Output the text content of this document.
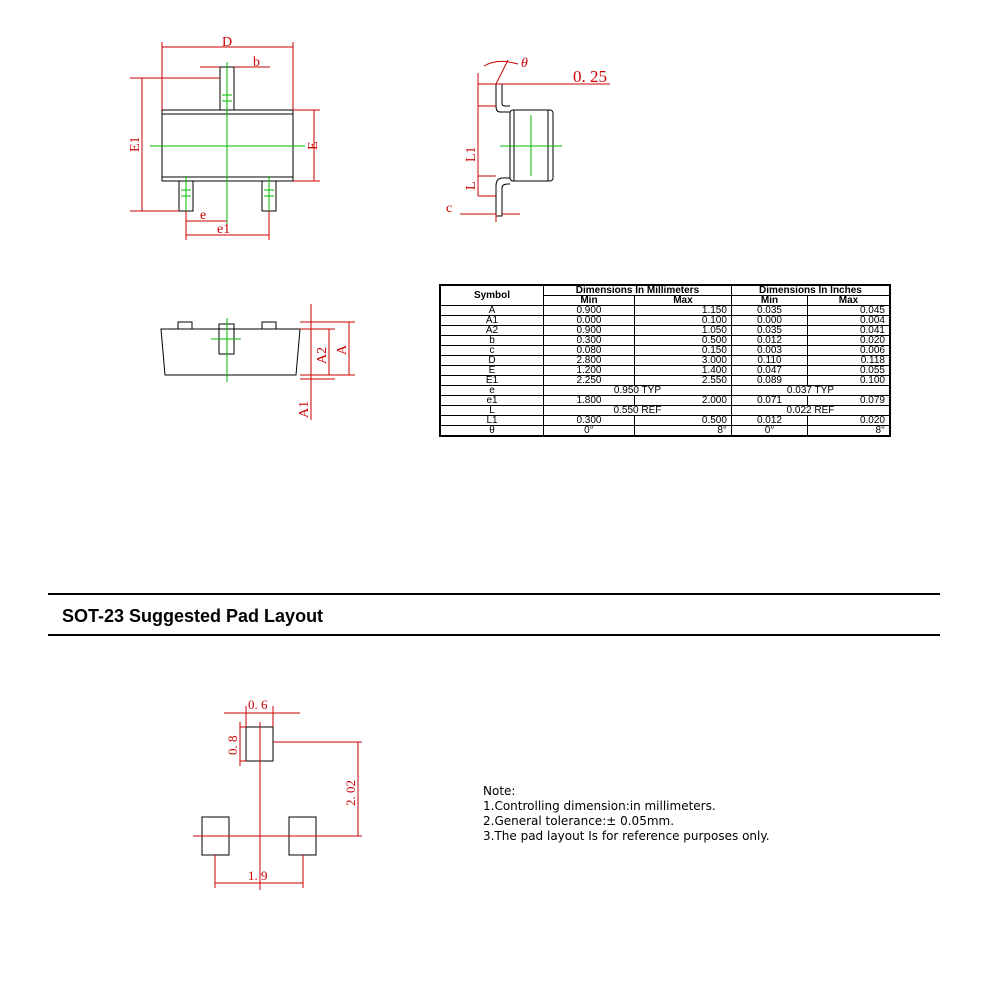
D
b
E1	E
e
e1
θ
0. 25
L1
L
c
A2 A
A1
0. 6
0. 8
2. 02
1. 9
Symbol	Dimensions In Millimeters		Dimensions In Inches	
	Min	Max	Min	Max
A	0.900	1.150	0.035	0.045
A1	0.000	0.100	0.000	0.004
A2	0.900	1.050	0.035	0.041
b	0.300	0.500	0.012	0.020
c	0.080	0.150	0.003	0.006
D	2.800	3.000	0.110	0.118
E	1.200	1.400	0.047	0.055
E1	2.250	2.550	0.089	0.100
e	0.950 TYP		0.037 TYP	
e1	1.800	2.000	0.071	0.079
L	0.550 REF		0.022 REF	
L1	0.300	0.500	0.012	0.020
θ	0°	8°	0°	8°
SOT-23 Suggested Pad Layout
Note:
1.Controlling dimension:in millimeters.
2.General tolerance:± 0.05mm.
3.The pad layout Is for reference purposes only.
